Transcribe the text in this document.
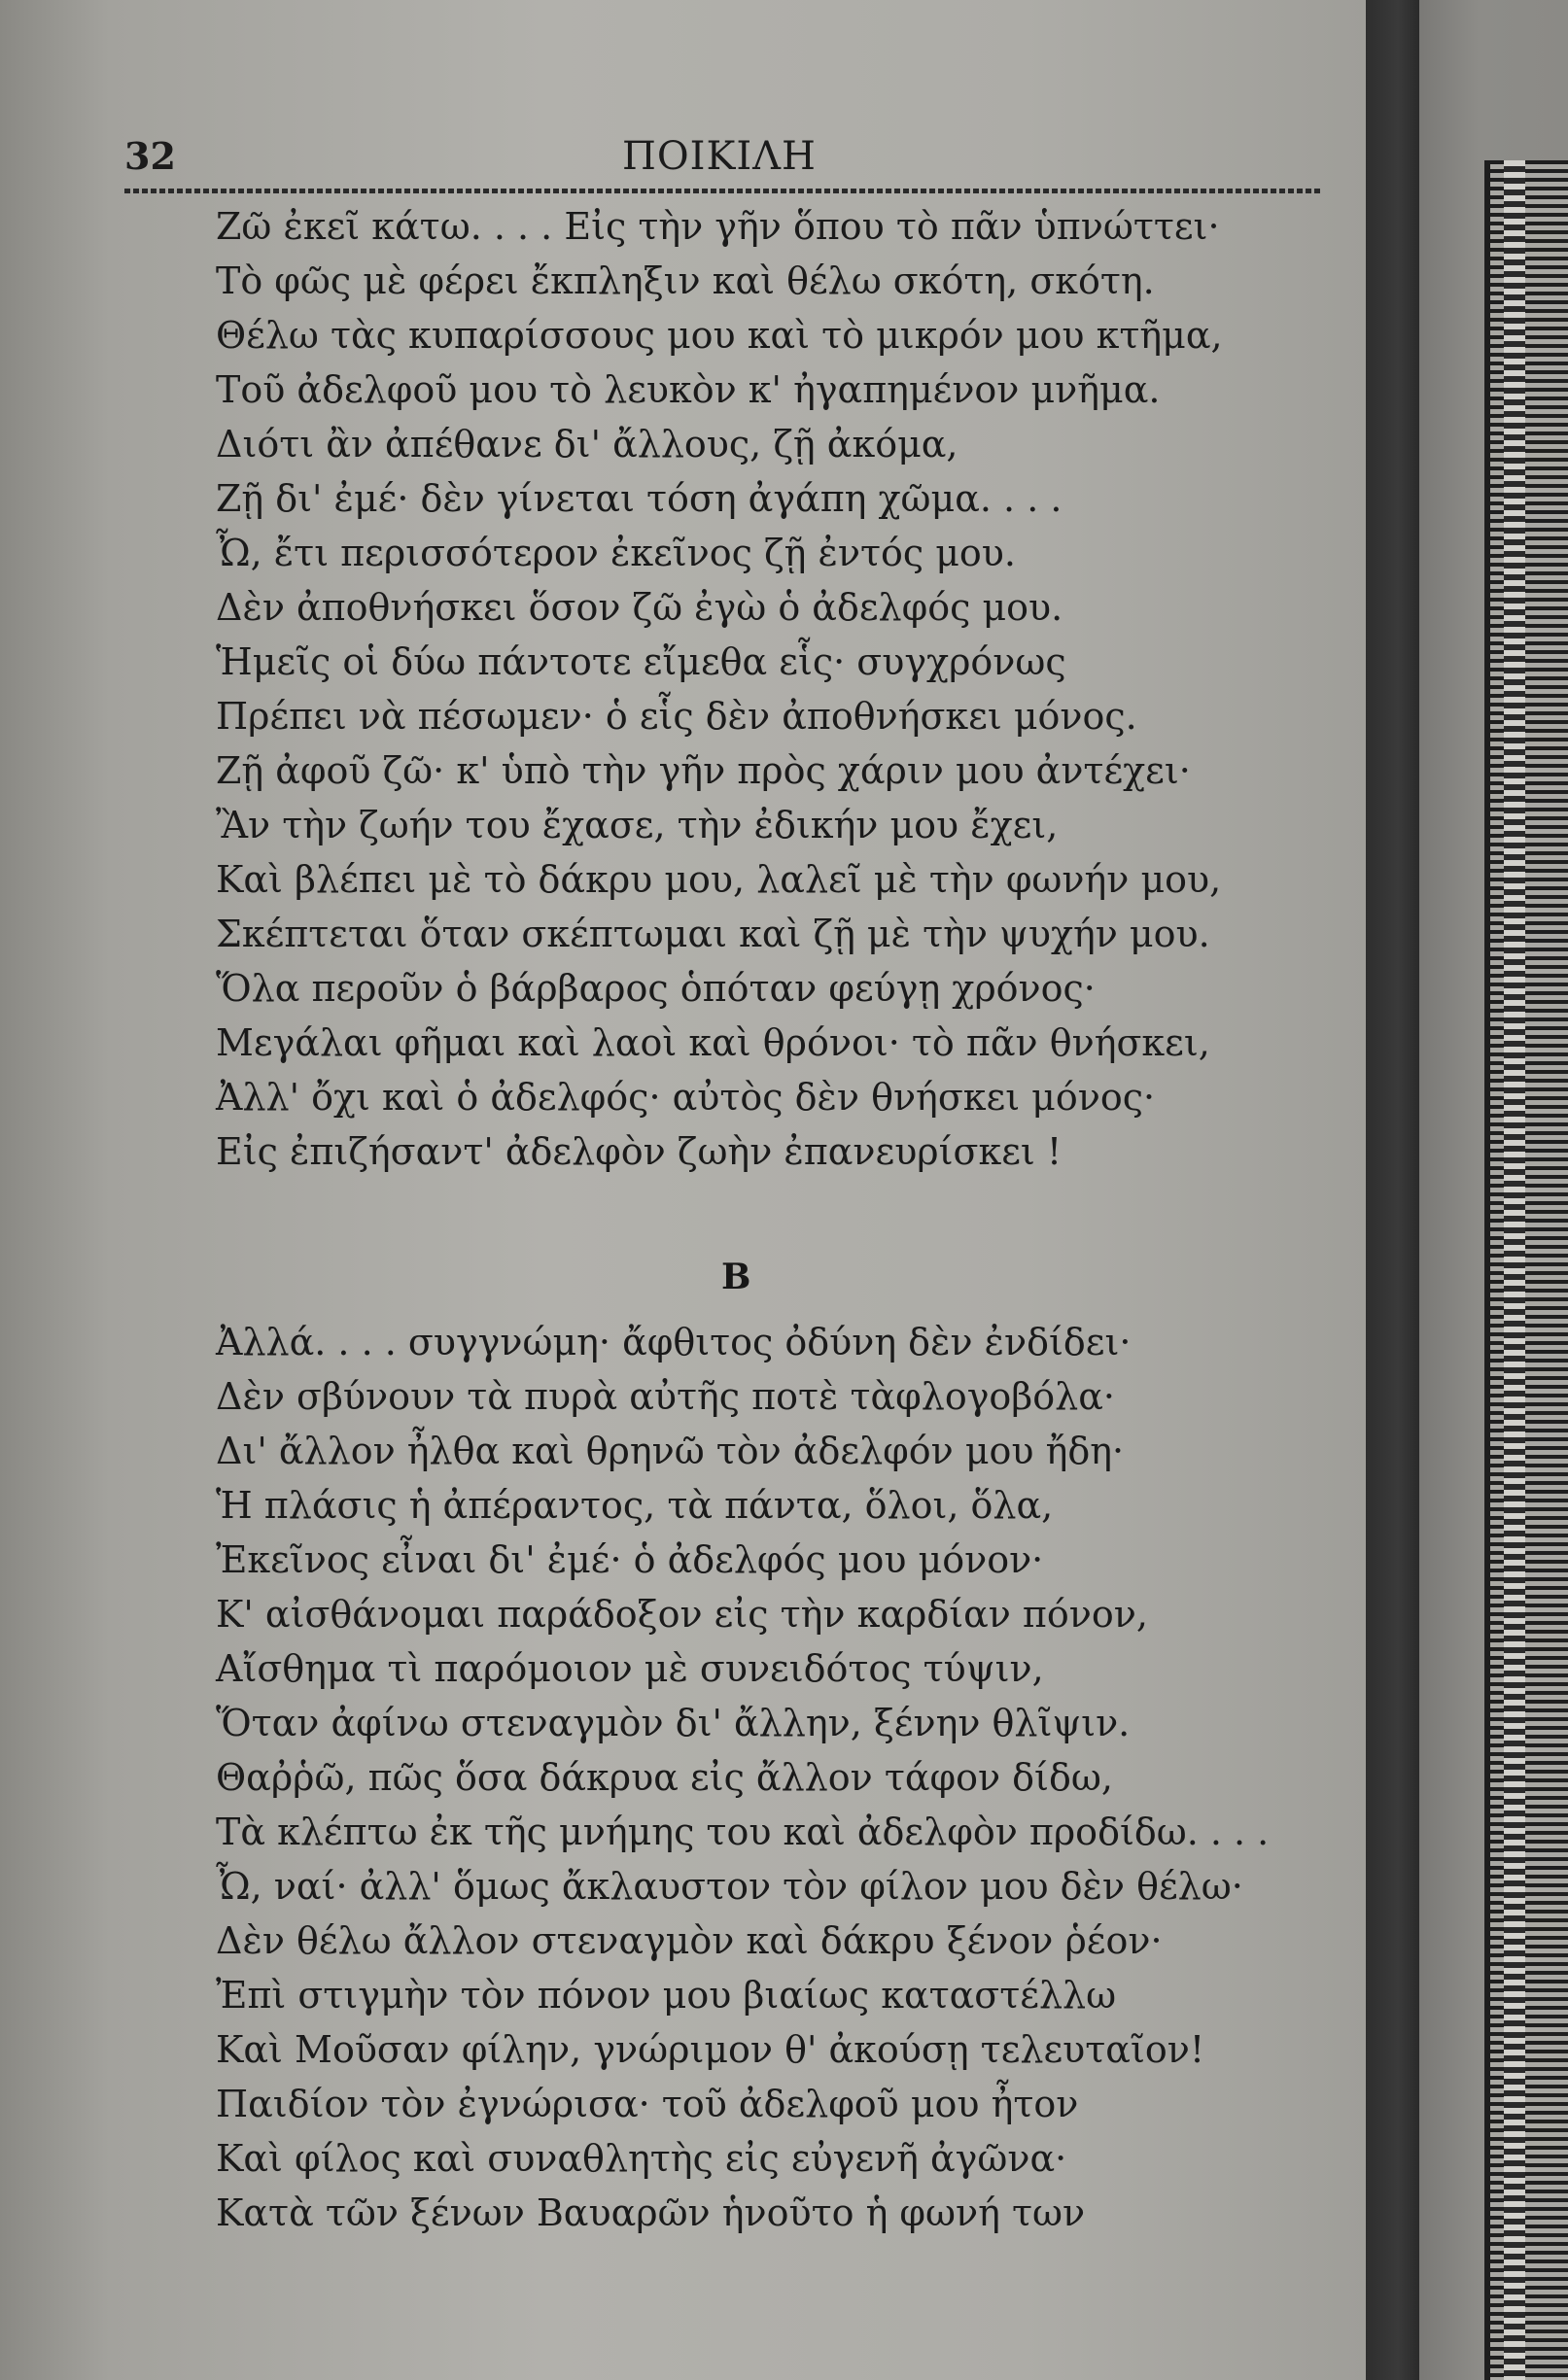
32	ΠΟΙΚΙΛΗ
Ζῶ ἐκεῖ κάτω. . . . Εἰς τὴν γῆν ὅπου τὸ πᾶν ὑπνώττει·
Τὸ φῶς μὲ φέρει ἔκπληξιν καὶ θέλω σκότη, σκότη.
Θέλω τὰς κυπαρίσσους μου καὶ τὸ μικρόν μου κτῆμα,
Τοῦ ἀδελφοῦ μου τὸ λευκὸν κ' ἠγαπημένον μνῆμα.
Διότι ἂν ἀπέθανε δι' ἄλλους, ζῇ ἀκόμα,
Ζῇ δι' ἐμέ· δὲν γίνεται τόση ἀγάπη χῶμα. . . .
Ὦ, ἔτι περισσότερον ἐκεῖνος ζῇ ἐντός μου.
Δὲν ἀποθνήσκει ὅσον ζῶ ἐγὼ ὁ ἀδελφός μου.
Ἡμεῖς οἱ δύω πάντοτε εἴμεθα εἷς· συγχρόνως
Πρέπει νὰ πέσωμεν· ὁ εἷς δὲν ἀποθνήσκει μόνος.
Ζῇ ἀφοῦ ζῶ· κ' ὑπὸ τὴν γῆν πρὸς χάριν μου ἀντέχει·
Ἂν τὴν ζωήν του ἔχασε, τὴν ἐδικήν μου ἔχει,
Καὶ βλέπει μὲ τὸ δάκρυ μου, λαλεῖ μὲ τὴν φωνήν μου,
Σκέπτεται ὅταν σκέπτωμαι καὶ ζῇ μὲ τὴν ψυχήν μου.
Ὅλα περοῦν ὁ βάρβαρος ὁπόταν φεύγῃ χρόνος·
Μεγάλαι φῆμαι καὶ λαοὶ καὶ θρόνοι· τὸ πᾶν θνήσκει,
Ἀλλ' ὄχι καὶ ὁ ἀδελφός· αὐτὸς δὲν θνήσκει μόνος·
Εἰς ἐπιζήσαντ' ἀδελφὸν ζωὴν ἐπανευρίσκει !
B
Ἀλλά. . . . συγγνώμη· ἄφθιτος ὀδύνη δὲν ἐνδίδει·
Δὲν σβύνουν τὰ πυρὰ αὐτῆς ποτὲ τὰφλογοβόλα·
Δι' ἄλλον ἦλθα καὶ θρηνῶ τὸν ἀδελφόν μου ἤδη·
Ἡ πλάσις ἡ ἀπέραντος, τὰ πάντα, ὅλοι, ὅλα,
Ἐκεῖνος εἶναι δι' ἐμέ· ὁ ἀδελφός μου μόνον·
Κ' αἰσθάνομαι παράδοξον εἰς τὴν καρδίαν πόνον,
Αἴσθημα τὶ παρόμοιον μὲ συνειδότος τύψιν,
Ὅταν ἀφίνω στεναγμὸν δι' ἄλλην, ξένην θλῖψιν.
Θαῤῥῶ, πῶς ὅσα δάκρυα εἰς ἄλλον τάφον δίδω,
Τὰ κλέπτω ἐκ τῆς μνήμης του καὶ ἀδελφὸν προδίδω. . . .
Ὦ, ναί· ἀλλ' ὅμως ἄκλαυστον τὸν φίλον μου δὲν θέλω·
Δὲν θέλω ἄλλον στεναγμὸν καὶ δάκρυ ξένον ῥέον·
Ἐπὶ στιγμὴν τὸν πόνον μου βιαίως καταστέλλω
Καὶ Μοῦσαν φίλην, γνώριμον θ' ἀκούσῃ τελευταῖον!
Παιδίον τὸν ἐγνώρισα· τοῦ ἀδελφοῦ μου ἦτον
Καὶ φίλος καὶ συναθλητὴς εἰς εὐγενῆ ἀγῶνα·
Κατὰ τῶν ξένων Βαυαρῶν ἡνοῦτο ἡ φωνή των
